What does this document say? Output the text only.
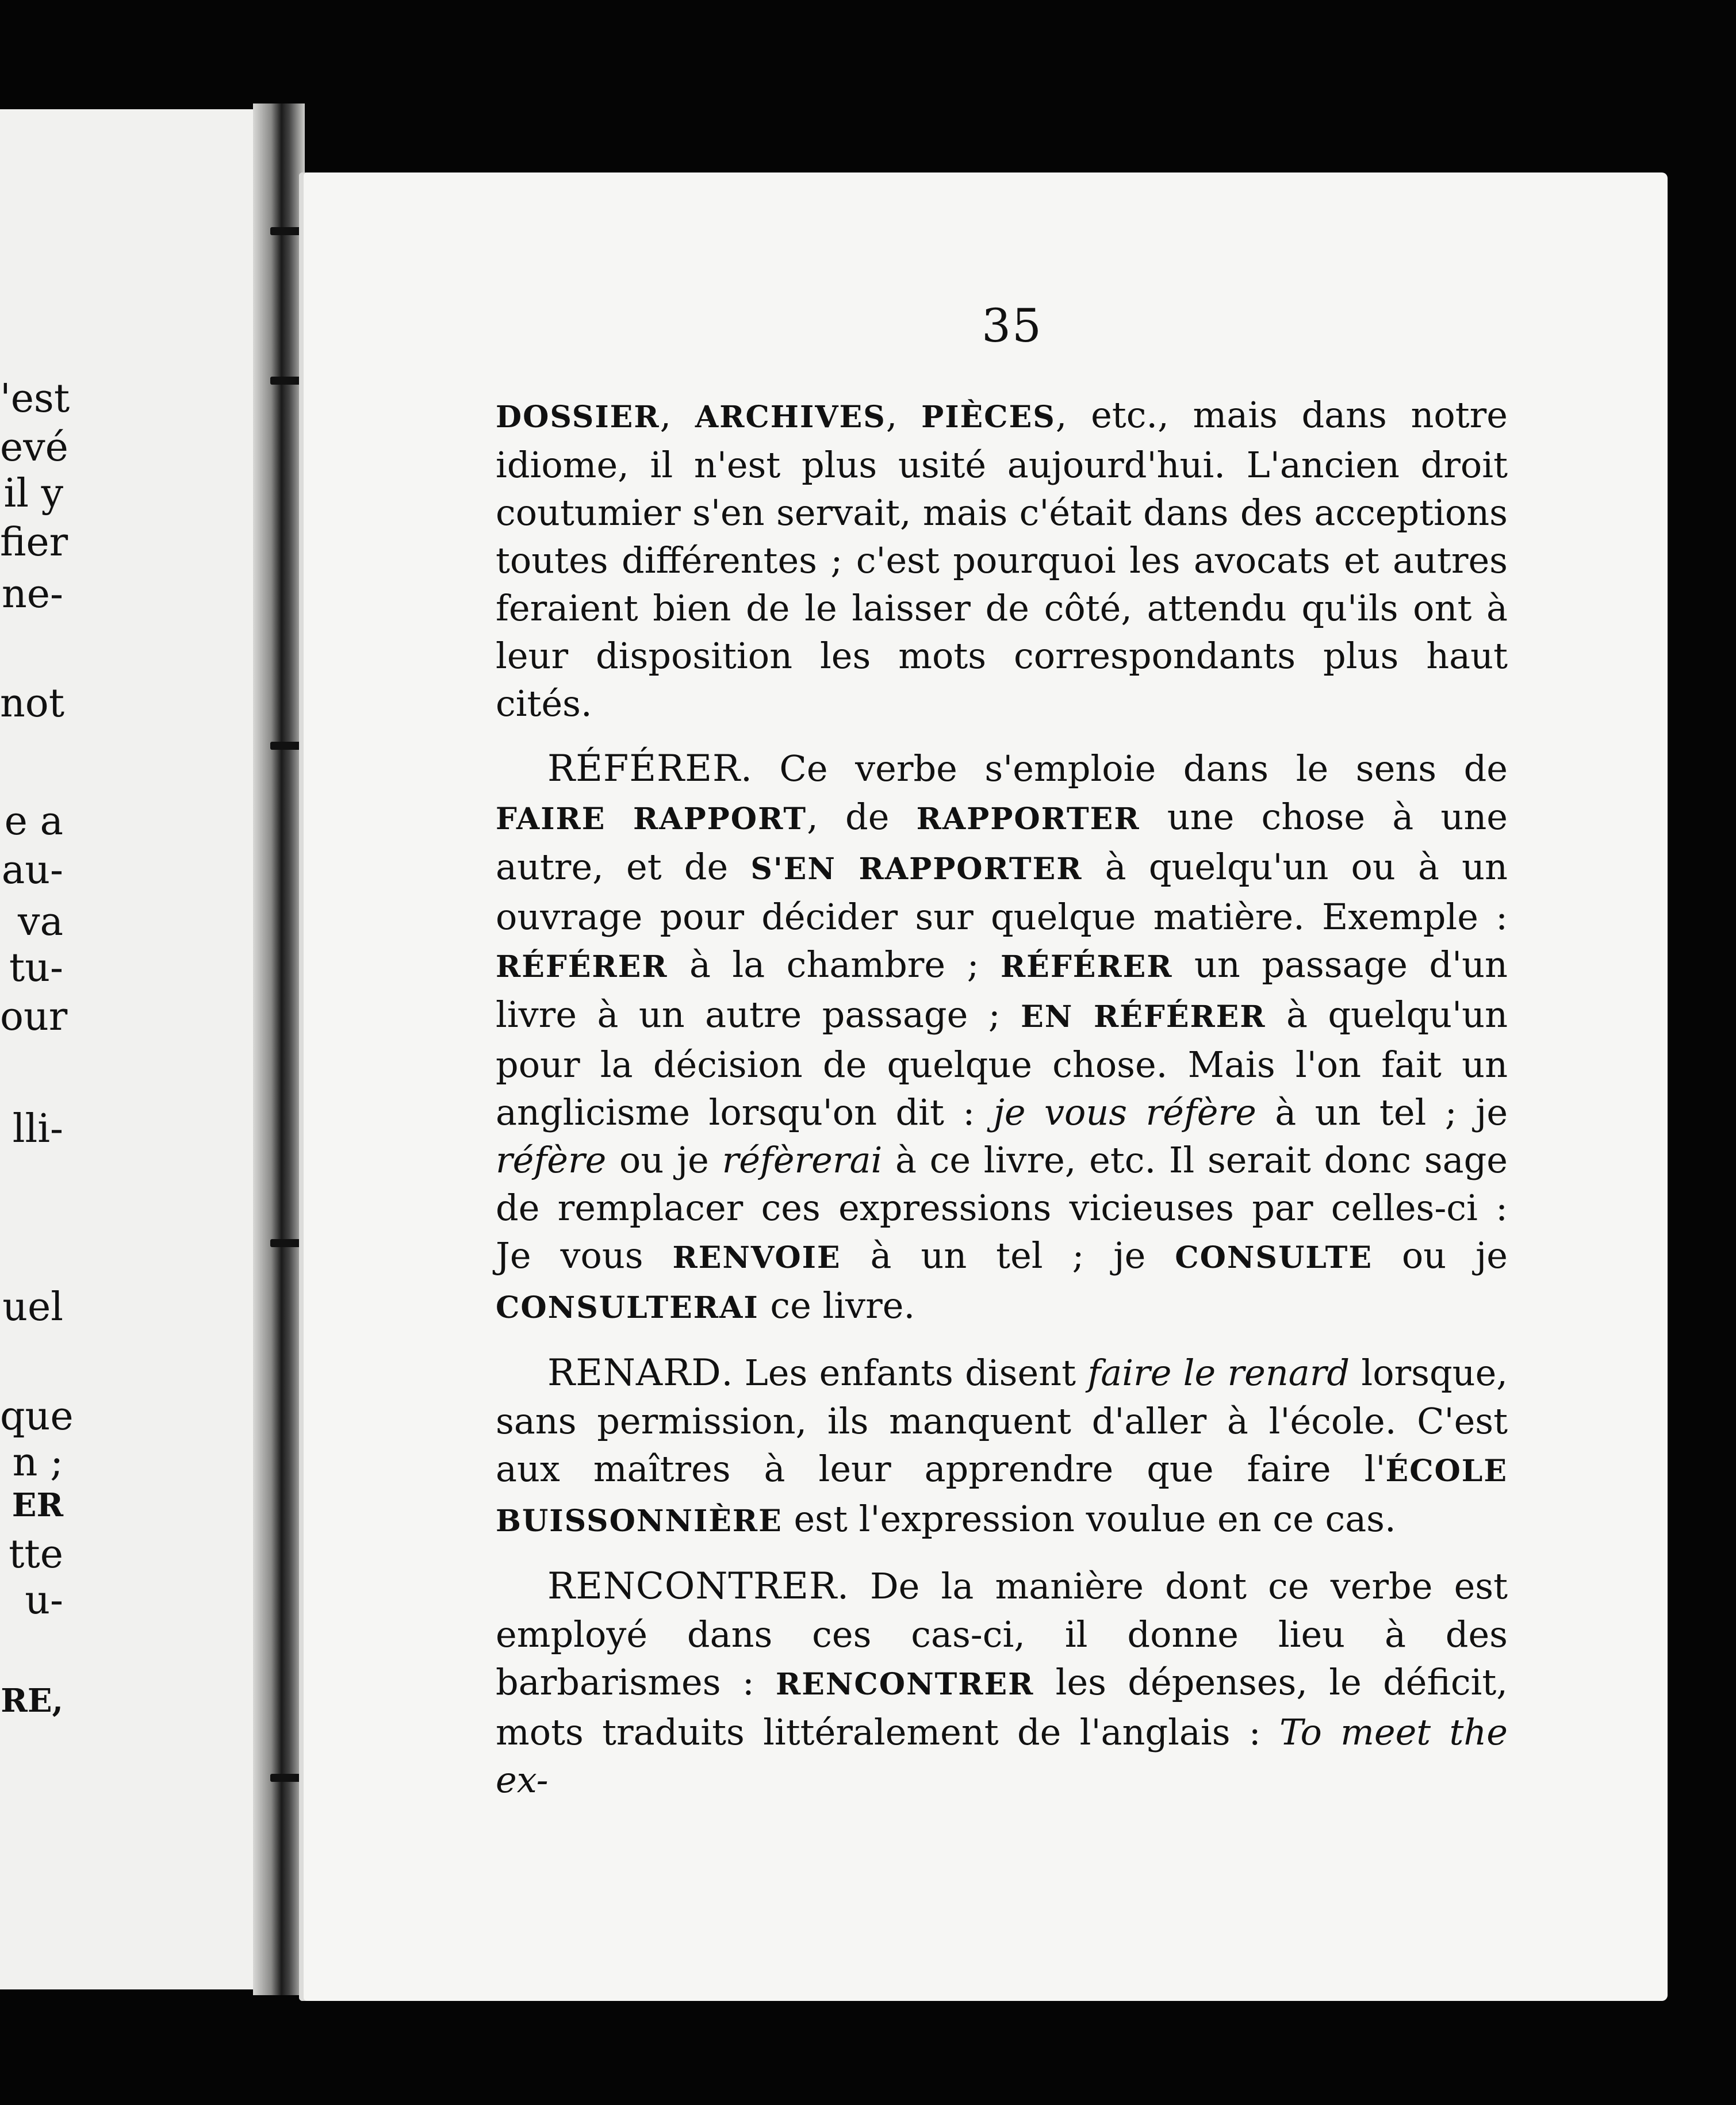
'est
evé
il y
fier
ne-
not
e a
au-
va
tu-
our
lli-
uel
que
n ;
ER
tte
u-
RE,
35

DOSSIER, ARCHIVES, PIÈCES, etc., mais dans notre idiome, il n'est plus usité aujourd'hui. L'ancien droit coutumier s'en servait, mais c'était dans des acceptions toutes différentes ; c'est pourquoi les avocats et autres feraient bien de le laisser de côté, attendu qu'ils ont à leur disposition les mots correspondants plus haut cités.

RÉFÉRER. Ce verbe s'emploie dans le sens de FAIRE RAPPORT, de RAPPORTER une chose à une autre, et de S'EN RAPPORTER à quelqu'un ou à un ouvrage pour décider sur quelque matière. Exemple : RÉFÉRER à la chambre ; RÉFÉRER un passage d'un livre à un autre passage ; EN RÉFÉRER à quelqu'un pour la décision de quelque chose. Mais l'on fait un anglicisme lorsqu'on dit : je vous réfère à un tel ; je réfère ou je réfèrerai à ce livre, etc. Il serait donc sage de remplacer ces expressions vicieuses par celles-ci : Je vous RENVOIE à un tel ; je CONSULTE ou je CONSULTERAI ce livre.

RENARD. Les enfants disent faire le renard lorsque, sans permission, ils manquent d'aller à l'école. C'est aux maîtres à leur apprendre que faire l'ÉCOLE BUISSONNIÈRE est l'expression voulue en ce cas.

RENCONTRER. De la manière dont ce verbe est employé dans ces cas-ci, il donne lieu à des barbarismes : RENCONTRER les dépenses, le déficit, mots traduits littéralement de l'anglais : To meet the ex-
